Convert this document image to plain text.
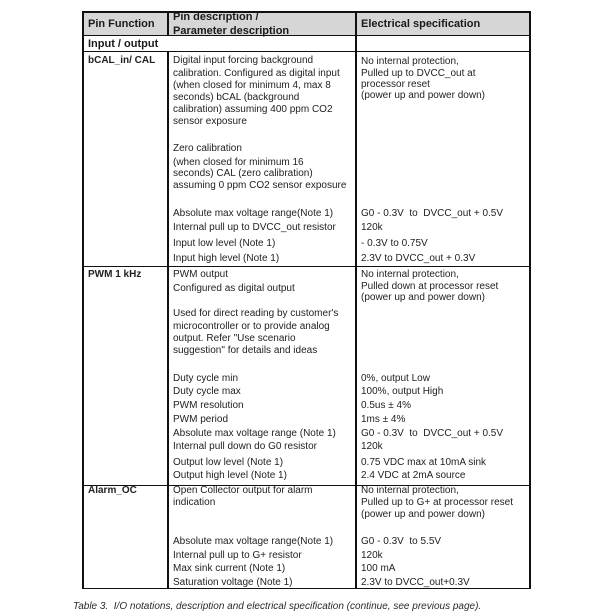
Pin Function
Pin description /
Parameter description
Electrical specification
Input / output
bCAL_in/ CAL Digital input forcing background
calibration. Configured as digital input
(when closed for minimum 4, max 8
seconds) bCAL (background
calibration) assuming 400 ppm CO2
sensor exposure
Zero calibration
(when closed for minimum 16
seconds) CAL (zero calibration)
assuming 0 ppm CO2 sensor exposure
Absolute max voltage range(Note 1)
Internal pull up to DVCC_out resistor
Input low level (Note 1)
Input high level (Note 1)
No internal protection,
Pulled up to DVCC_out at
processor reset
(power up and power down)
G0 - 0.3V  to  DVCC_out + 0.5V
120k
- 0.3V to 0.75V
2.3V to DVCC_out + 0.3V
PWM 1 kHz	PWM output
Configured as digital output
Used for direct reading by customer's
microcontroller or to provide analog
output. Refer "Use scenario
suggestion" for details and ideas
Duty cycle min
Duty cycle max
PWM resolution
PWM period
Absolute max voltage range (Note 1)
Internal pull down do G0 resistor
Output low level (Note 1)
Output high level (Note 1)
No internal protection,
Pulled down at processor reset
(power up and power down)
0%, output Low
100%, output High
0.5us ± 4%
1ms ± 4%
G0 - 0.3V  to  DVCC_out + 0.5V
120k
0.75 VDC max at 10mA sink
2.4 VDC at 2mA source
Alarm_OC	Open Collector output for alarm
indication
Absolute max voltage range(Note 1)
Internal pull up to G+ resistor
Max sink current (Note 1)
Saturation voltage (Note 1)
No internal protection,
Pulled up to G+ at processor reset
(power up and power down)
G0 - 0.3V  to 5.5V
120k
100 mA
2.3V to DVCC_out+0.3V
Table 3.  I/O notations, description and electrical specification (continue, see previous page).
